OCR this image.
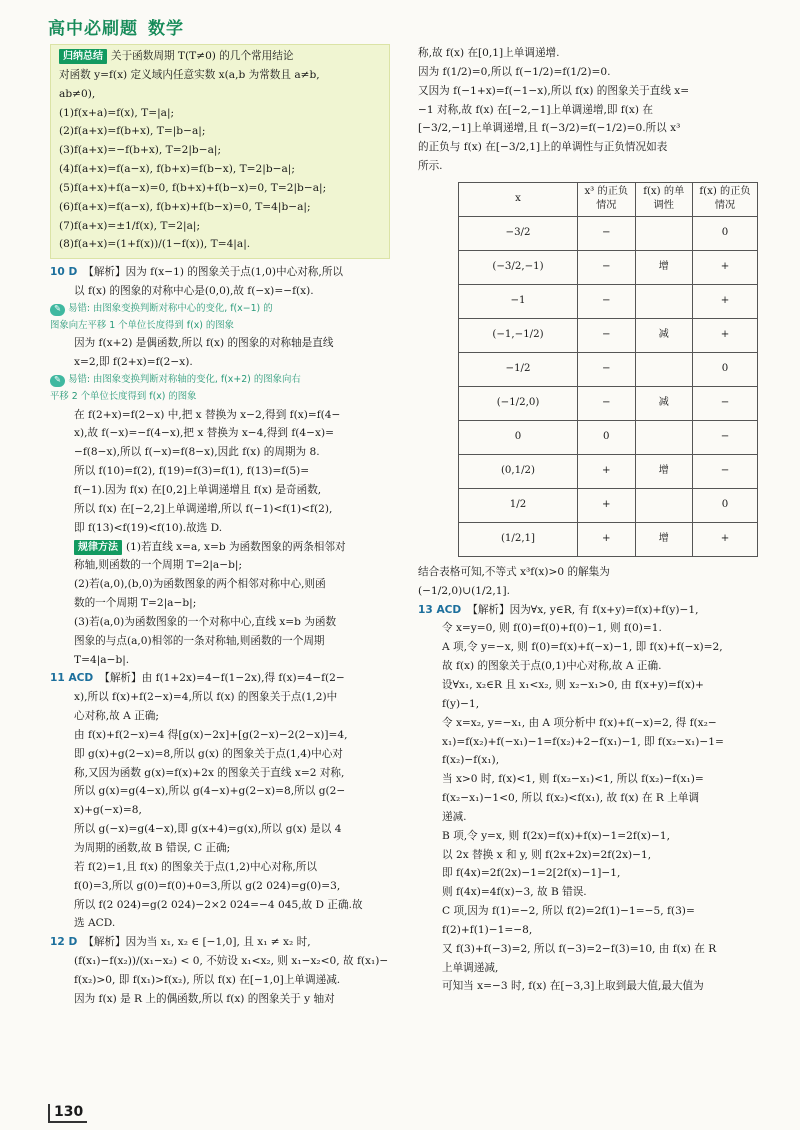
高中必刷题 数学
归纳总结 关于函数周期 T(T≠0) 的几个常用结论
对函数 y=f(x) 定义域内任意实数 x(a,b 为常数且 a≠b,
ab≠0),
(1)f(x+a)=f(x), T=|a|;
(2)f(a+x)=f(b+x), T=|b−a|;
(3)f(a+x)=−f(b+x), T=2|b−a|;
(4)f(a+x)=f(a−x), f(b+x)=f(b−x), T=2|b−a|;
(5)f(a+x)+f(a−x)=0, f(b+x)+f(b−x)=0, T=2|b−a|;
(6)f(a+x)=f(a−x), f(b+x)+f(b−x)=0, T=4|b−a|;
(7)f(a+x)=±1/f(x), T=2|a|;
(8)f(a+x)=(1+f(x))/(1−f(x)), T=4|a|.
10 D 【解析】因为 f(x−1) 的图象关于点(1,0)中心对称,所以
以 f(x) 的图象的对称中心是(0,0),故 f(−x)=−f(x).
✎ 易错: 由图象变换判断对称中心的变化, f(x−1) 的
图象向左平移 1 个单位长度得到 f(x) 的图象
因为 f(x+2) 是偶函数,所以 f(x) 的图象的对称轴是直线
x=2,即 f(2+x)=f(2−x).
✎ 易错: 由图象变换判断对称轴的变化, f(x+2) 的图象向右
平移 2 个单位长度得到 f(x) 的图象
在 f(2+x)=f(2−x) 中,把 x 替换为 x−2,得到 f(x)=f(4−
x),故 f(−x)=−f(4−x),把 x 替换为 x−4,得到 f(4−x)=
−f(8−x),所以 f(−x)=f(8−x),因此 f(x) 的周期为 8.
所以 f(10)=f(2), f(19)=f(3)=f(1), f(13)=f(5)=
f(−1).因为 f(x) 在[0,2]上单调递增且 f(x) 是奇函数,
所以 f(x) 在[−2,2]上单调递增,所以 f(−1)<f(1)<f(2),
即 f(13)<f(19)<f(10).故选 D.
规律方法 (1)若直线 x=a, x=b 为函数图象的两条相邻对
称轴,则函数的一个周期 T=2|a−b|;
(2)若(a,0),(b,0)为函数图象的两个相邻对称中心,则函
数的一个周期 T=2|a−b|;
(3)若(a,0)为函数图象的一个对称中心,直线 x=b 为函数
图象的与点(a,0)相邻的一条对称轴,则函数的一个周期
T=4|a−b|.
11 ACD 【解析】由 f(1+2x)=4−f(1−2x),得 f(x)=4−f(2−
x),所以 f(x)+f(2−x)=4,所以 f(x) 的图象关于点(1,2)中
心对称,故 A 正确;
由 f(x)+f(2−x)=4 得[g(x)−2x]+[g(2−x)−2(2−x)]=4,
即 g(x)+g(2−x)=8,所以 g(x) 的图象关于点(1,4)中心对
称,又因为函数 g(x)=f(x)+2x 的图象关于直线 x=2 对称,
所以 g(x)=g(4−x),所以 g(4−x)+g(2−x)=8,所以 g(2−
x)+g(−x)=8,
所以 g(−x)=g(4−x),即 g(x+4)=g(x),所以 g(x) 是以 4
为周期的函数,故 B 错误, C 正确;
若 f(2)=1,且 f(x) 的图象关于点(1,2)中心对称,所以
f(0)=3,所以 g(0)=f(0)+0=3,所以 g(2 024)=g(0)=3,
所以 f(2 024)=g(2 024)−2×2 024=−4 045,故 D 正确.故
选 ACD.
12 D 【解析】因为当 x₁, x₂ ∈ [−1,0], 且 x₁ ≠ x₂ 时,
(f(x₁)−f(x₂))/(x₁−x₂) < 0, 不妨设 x₁<x₂, 则 x₁−x₂<0, 故 f(x₁)−
f(x₂)>0, 即 f(x₁)>f(x₂), 所以 f(x) 在[−1,0]上单调递减.
因为 f(x) 是 R 上的偶函数,所以 f(x) 的图象关于 y 轴对
称,故 f(x) 在[0,1]上单调递增.
因为 f(1/2)=0,所以 f(−1/2)=f(1/2)=0.
又因为 f(−1+x)=f(−1−x),所以 f(x) 的图象关于直线 x=
−1 对称,故 f(x) 在[−2,−1]上单调递增,即 f(x) 在
[−3/2,−1]上单调递增,且 f(−3/2)=f(−1/2)=0.所以 x³
的正负与 f(x) 在[−3/2,1]上的单调性与正负情况如表
所示.
x	x³ 的正负情况	f(x) 的单调性	f(x) 的正负情况
−3/2	−		0
(−3/2,−1)	−	增	+
−1	−		+
(−1,−1/2)	−	减	+
−1/2	−		0
(−1/2,0)	−	减	−
0	0		−
(0,1/2)	+	增	−
1/2	+		0
(1/2,1]	+	增	+
结合表格可知,不等式 x³f(x)>0 的解集为
(−1/2,0)∪(1/2,1].
13 ACD 【解析】因为∀x, y∈R, 有 f(x+y)=f(x)+f(y)−1,
令 x=y=0, 则 f(0)=f(0)+f(0)−1, 则 f(0)=1.
A 项,令 y=−x, 则 f(0)=f(x)+f(−x)−1, 即 f(x)+f(−x)=2,
故 f(x) 的图象关于点(0,1)中心对称,故 A 正确.
设∀x₁, x₂∈R 且 x₁<x₂, 则 x₂−x₁>0, 由 f(x+y)=f(x)+
f(y)−1,
令 x=x₂, y=−x₁, 由 A 项分析中 f(x)+f(−x)=2, 得 f(x₂−
x₁)=f(x₂)+f(−x₁)−1=f(x₂)+2−f(x₁)−1, 即 f(x₂−x₁)−1=
f(x₂)−f(x₁),
当 x>0 时, f(x)<1, 则 f(x₂−x₁)<1, 所以 f(x₂)−f(x₁)=
f(x₂−x₁)−1<0, 所以 f(x₂)<f(x₁), 故 f(x) 在 R 上单调
递减.
B 项,令 y=x, 则 f(2x)=f(x)+f(x)−1=2f(x)−1,
以 2x 替换 x 和 y, 则 f(2x+2x)=2f(2x)−1,
即 f(4x)=2f(2x)−1=2[2f(x)−1]−1,
则 f(4x)=4f(x)−3, 故 B 错误.
C 项,因为 f(1)=−2, 所以 f(2)=2f(1)−1=−5, f(3)=
f(2)+f(1)−1=−8,
又 f(3)+f(−3)=2, 所以 f(−3)=2−f(3)=10, 由 f(x) 在 R
上单调递减,
可知当 x=−3 时, f(x) 在[−3,3]上取到最大值,最大值为
130
